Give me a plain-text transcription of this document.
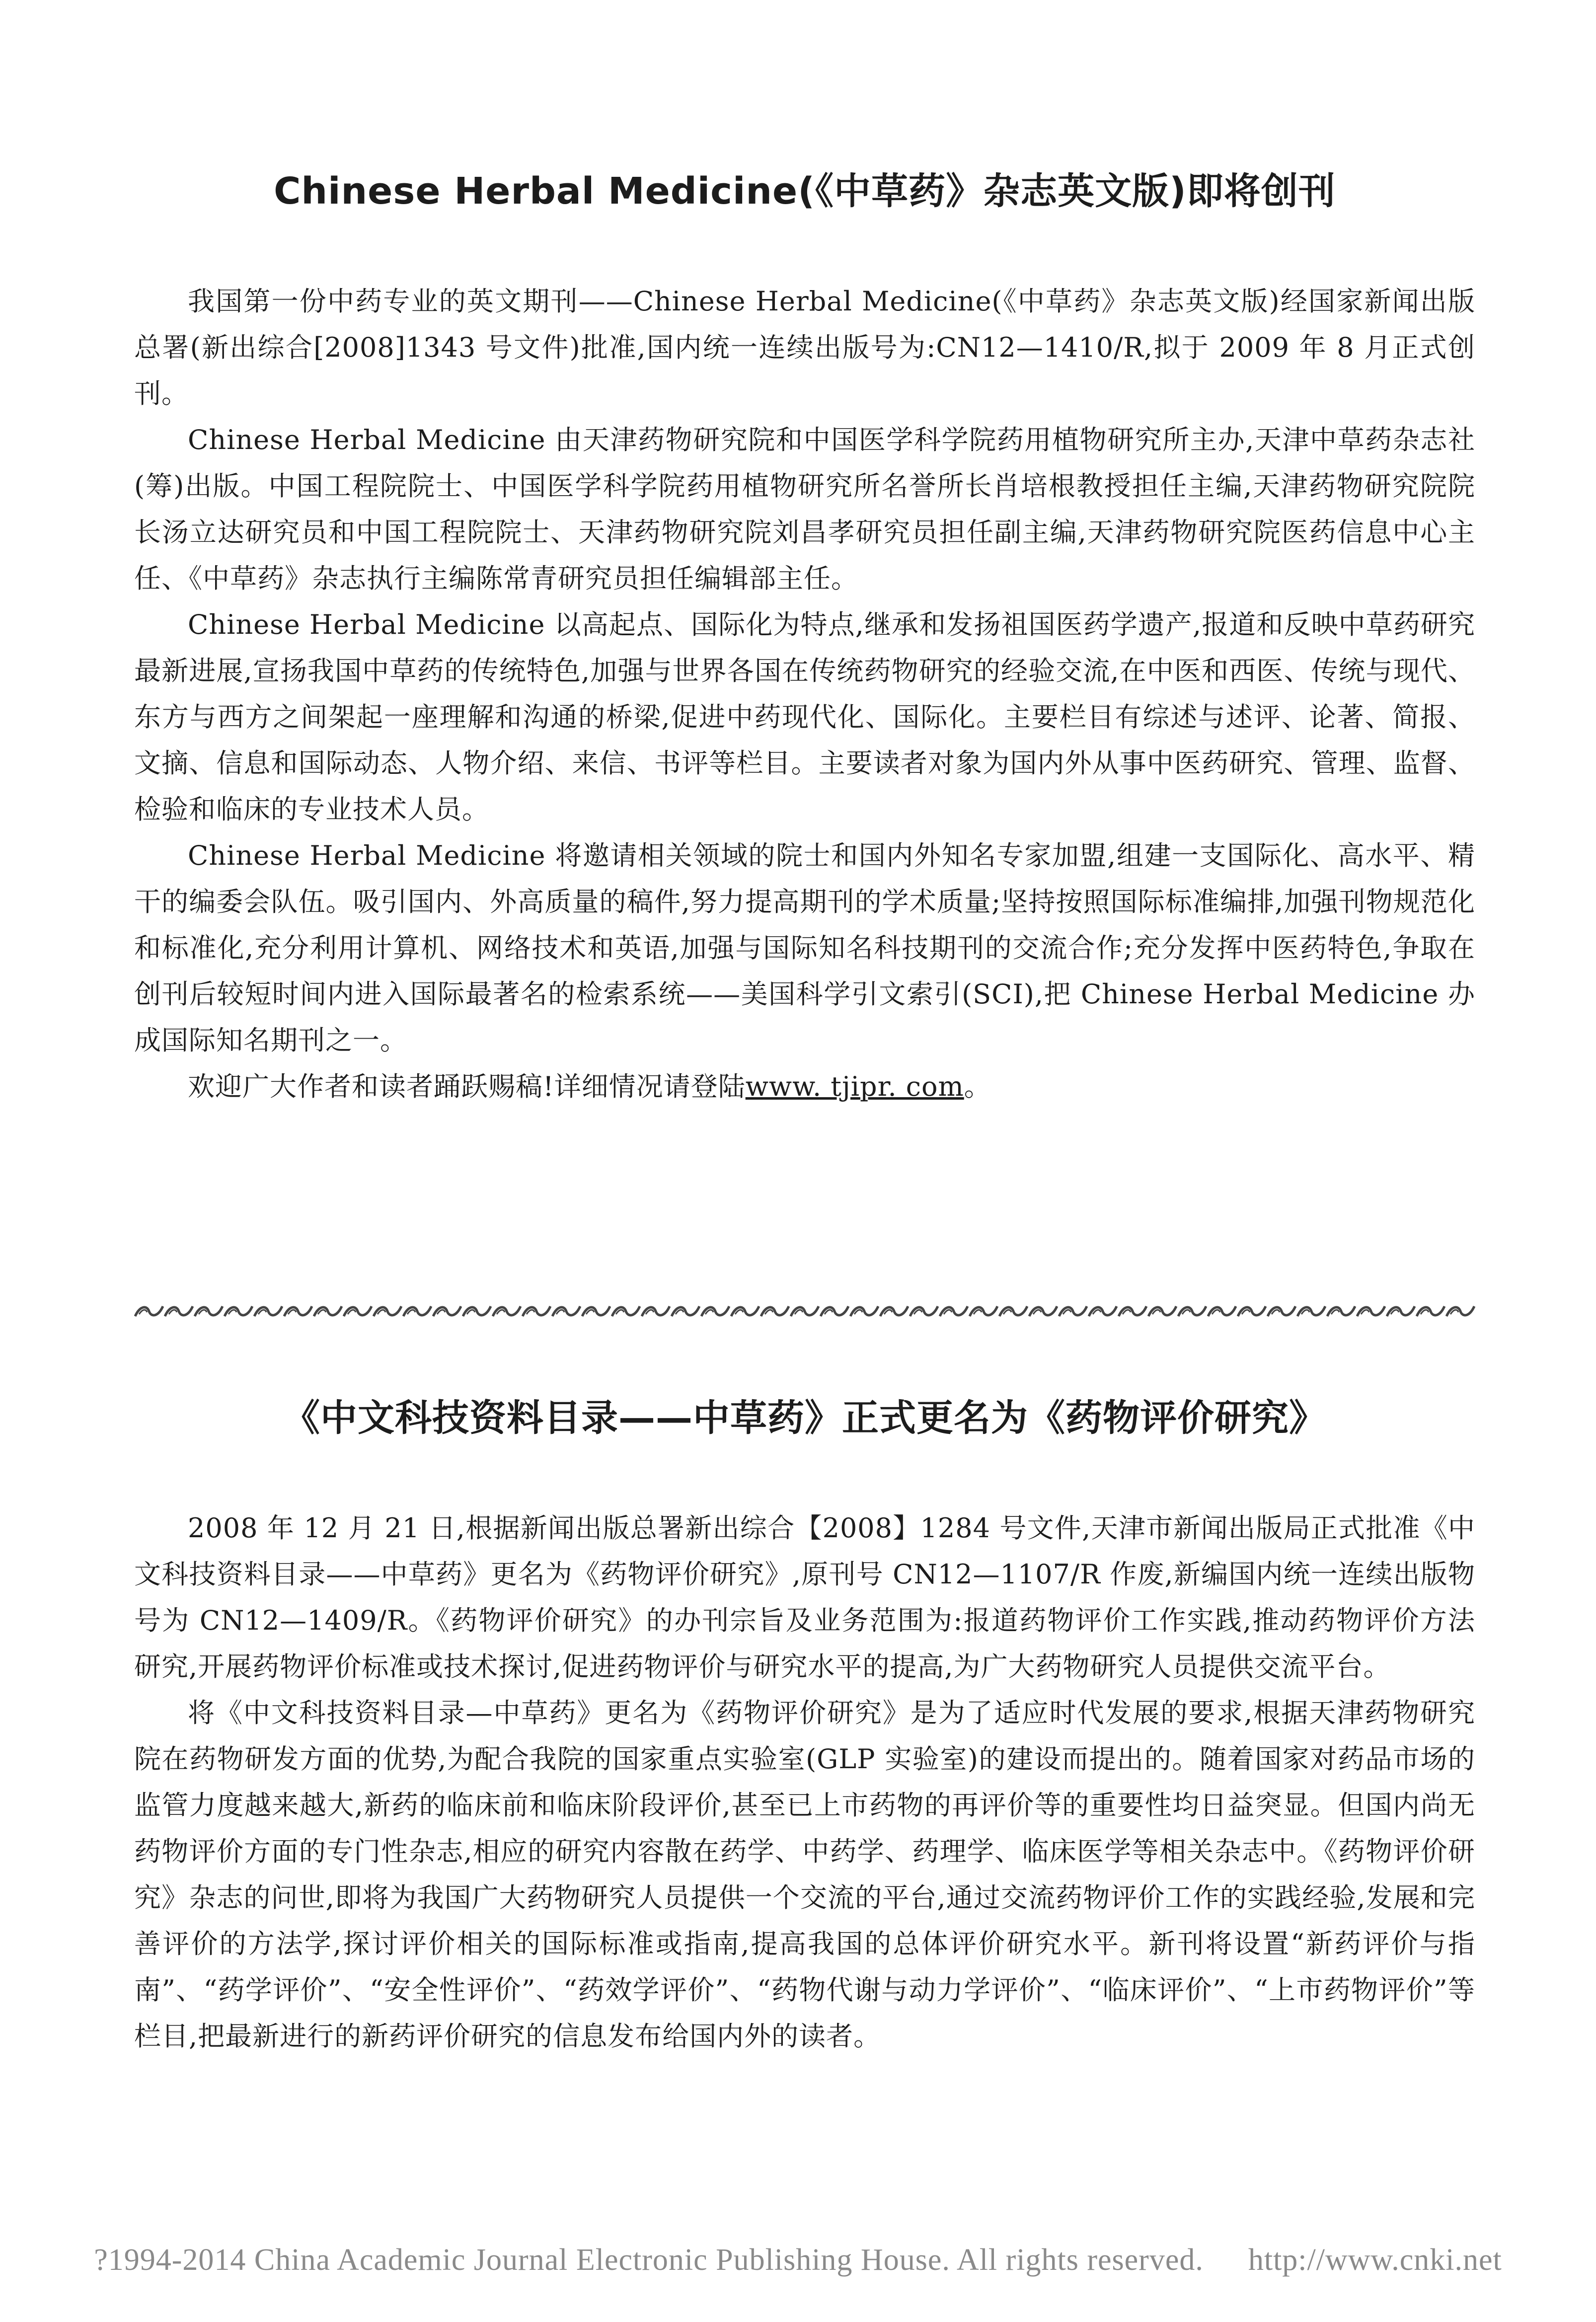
Chinese Herbal Medicine(《中草药》杂志英文版)即将创刊

我国第一份中药专业的英文期刊——Chinese Herbal Medicine(《中草药》杂志英文版)经国家新闻出版总署(新出综合[2008]1343 号文件)批准,国内统一连续出版号为:CN12—1410/R,拟于 2009 年 8 月正式创刊。

Chinese Herbal Medicine 由天津药物研究院和中国医学科学院药用植物研究所主办,天津中草药杂志社(筹)出版。中国工程院院士、中国医学科学院药用植物研究所名誉所长肖培根教授担任主编,天津药物研究院院长汤立达研究员和中国工程院院士、天津药物研究院刘昌孝研究员担任副主编,天津药物研究院医药信息中心主任、《中草药》杂志执行主编陈常青研究员担任编辑部主任。

Chinese Herbal Medicine 以高起点、国际化为特点,继承和发扬祖国医药学遗产,报道和反映中草药研究最新进展,宣扬我国中草药的传统特色,加强与世界各国在传统药物研究的经验交流,在中医和西医、传统与现代、东方与西方之间架起一座理解和沟通的桥梁,促进中药现代化、国际化。主要栏目有综述与述评、论著、简报、文摘、信息和国际动态、人物介绍、来信、书评等栏目。主要读者对象为国内外从事中医药研究、管理、监督、检验和临床的专业技术人员。

Chinese Herbal Medicine 将邀请相关领域的院士和国内外知名专家加盟,组建一支国际化、高水平、精干的编委会队伍。吸引国内、外高质量的稿件,努力提高期刊的学术质量;坚持按照国际标准编排,加强刊物规范化和标准化,充分利用计算机、网络技术和英语,加强与国际知名科技期刊的交流合作;充分发挥中医药特色,争取在创刊后较短时间内进入国际最著名的检索系统——美国科学引文索引(SCI),把 Chinese Herbal Medicine 办成国际知名期刊之一。

欢迎广大作者和读者踊跃赐稿!详细情况请登陆www. tjipr. com。

《中文科技资料目录——中草药》正式更名为《药物评价研究》

2008 年 12 月 21 日,根据新闻出版总署新出综合【2008】1284 号文件,天津市新闻出版局正式批准《中文科技资料目录——中草药》更名为《药物评价研究》,原刊号 CN12—1107/R 作废,新编国内统一连续出版物号为 CN12—1409/R。《药物评价研究》的办刊宗旨及业务范围为:报道药物评价工作实践,推动药物评价方法研究,开展药物评价标准或技术探讨,促进药物评价与研究水平的提高,为广大药物研究人员提供交流平台。

将《中文科技资料目录—中草药》更名为《药物评价研究》是为了适应时代发展的要求,根据天津药物研究院在药物研发方面的优势,为配合我院的国家重点实验室(GLP 实验室)的建设而提出的。随着国家对药品市场的监管力度越来越大,新药的临床前和临床阶段评价,甚至已上市药物的再评价等的重要性均日益突显。但国内尚无药物评价方面的专门性杂志,相应的研究内容散在药学、中药学、药理学、临床医学等相关杂志中。《药物评价研究》杂志的问世,即将为我国广大药物研究人员提供一个交流的平台,通过交流药物评价工作的实践经验,发展和完善评价的方法学,探讨评价相关的国际标准或指南,提高我国的总体评价研究水平。新刊将设置“新药评价与指南”、“药学评价”、“安全性评价”、“药效学评价”、“药物代谢与动力学评价”、“临床评价”、“上市药物评价”等栏目,把最新进行的新药评价研究的信息发布给国内外的读者。

?1994-2014 China Academic Journal Electronic Publishing House. All rights reserved. http://www.cnki.net
